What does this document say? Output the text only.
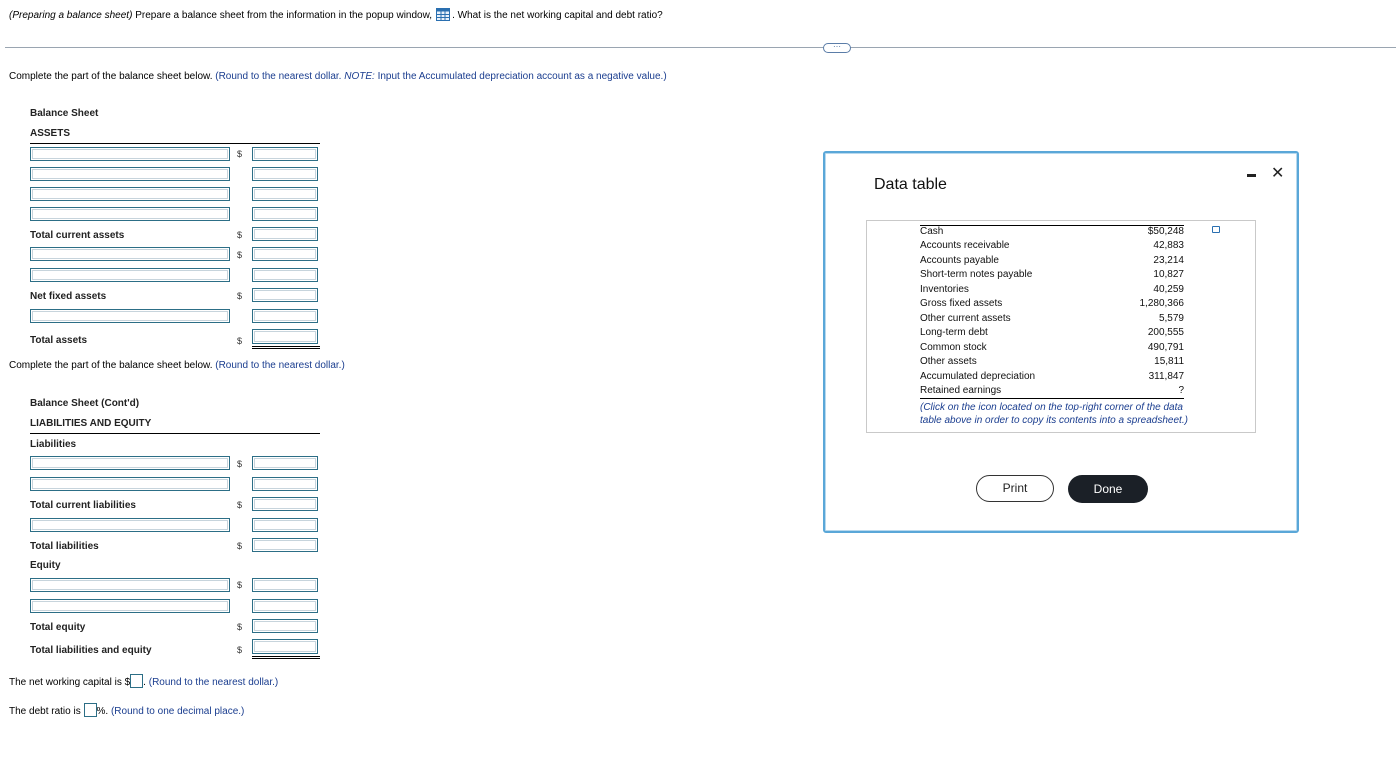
(Preparing a balance sheet) Prepare a balance sheet from the information in the popup window, . What is the net working capital and debt ratio?
⋯
Complete the part of the balance sheet below. (Round to the nearest dollar. NOTE: Input the Accumulated depreciation account as a negative value.)
Balance Sheet
ASSETS
$
Total current assets	$
$
Net fixed assets	$
Total assets	$
Complete the part of the balance sheet below. (Round to the nearest dollar.)
Balance Sheet (Cont'd)
LIABILITIES AND EQUITY
Liabilities
$
Total current liabilities	$
Total liabilities	$
Equity
$
Total equity	$
Total liabilities and equity	$
The net working capital is $ . (Round to the nearest dollar.)
The debt ratio is %. (Round to one decimal place.)
Data table
✕
Cash	$50,248
Accounts receivable	42,883
Accounts payable	23,214
Short-term notes payable	10,827
Inventories	40,259
Gross fixed assets	1,280,366
Other current assets	5,579
Long-term debt	200,555
Common stock	490,791
Other assets	15,811
Accumulated depreciation	311,847
Retained earnings	?
(Click on the icon located on the top-right corner of the data
table above in order to copy its contents into a spreadsheet.)
Print	Done
